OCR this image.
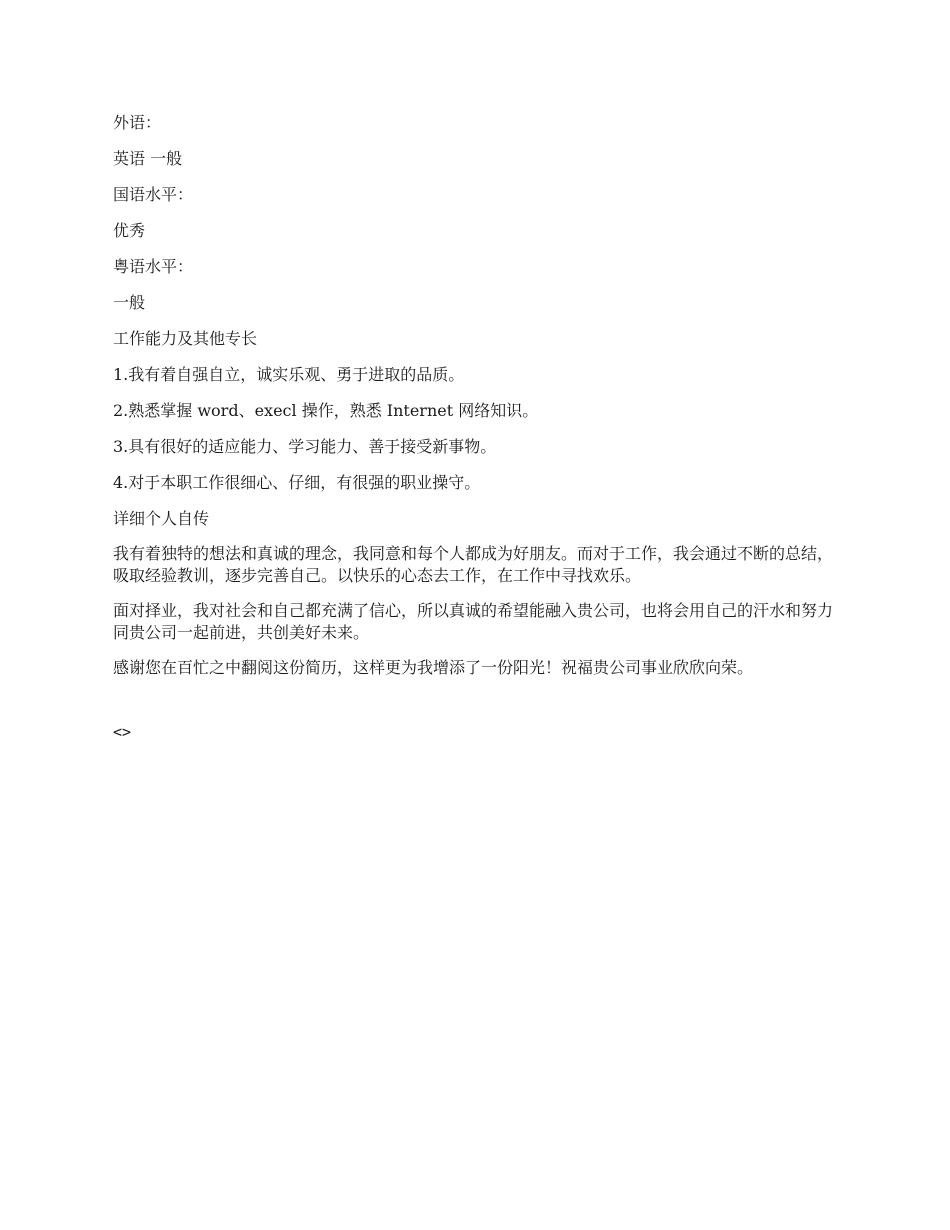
外语：
英语 一般
国语水平：
优秀
粤语水平：
一般
工作能力及其他专长
1.我有着自强自立，诚实乐观、勇于进取的品质。
2.熟悉掌握 word、execl 操作，熟悉 Internet 网络知识。
3.具有很好的适应能力、学习能力、善于接受新事物。
4.对于本职工作很细心、仔细，有很强的职业操守。
详细个人自传

我有着独特的想法和真诚的理念，我同意和每个人都成为好朋友。而对于工作，我会通过不断的总结，吸取经验教训，逐步完善自己。以快乐的心态去工作，在工作中寻找欢乐。

面对择业，我对社会和自己都充满了信心，所以真诚的希望能融入贵公司，也将会用自己的汗水和努力同贵公司一起前进，共创美好未来。

感谢您在百忙之中翻阅这份简历，这样更为我增添了一份阳光！祝福贵公司事业欣欣向荣。

<>
